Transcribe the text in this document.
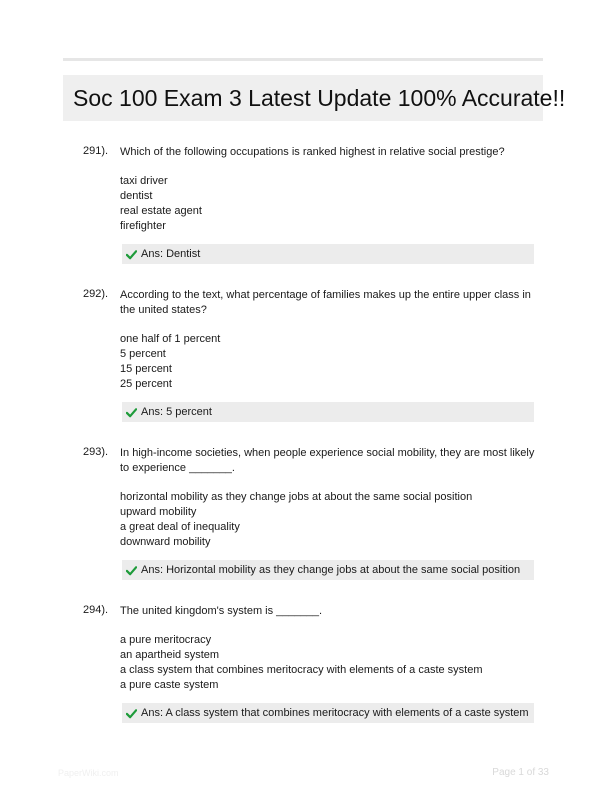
Soc 100 Exam 3 Latest Update 100% Accurate!!
291). Which of the following occupations is ranked highest in relative social prestige?
taxi driver
dentist
real estate agent
firefighter
Ans: Dentist
292). According to the text, what percentage of families makes up the entire upper class in the united states?
one half of 1 percent
5 percent
15 percent
25 percent
Ans: 5 percent
293). In high-income societies, when people experience social mobility, they are most likely to experience _______.
horizontal mobility as they change jobs at about the same social position
upward mobility
a great deal of inequality
downward mobility
Ans: Horizontal mobility as they change jobs at about the same social position
294). The united kingdom's system is _______.
a pure meritocracy
an apartheid system
a class system that combines meritocracy with elements of a caste system
a pure caste system
Ans: A class system that combines meritocracy with elements of a caste system
PaperWiki.com	Page 1 of 33
